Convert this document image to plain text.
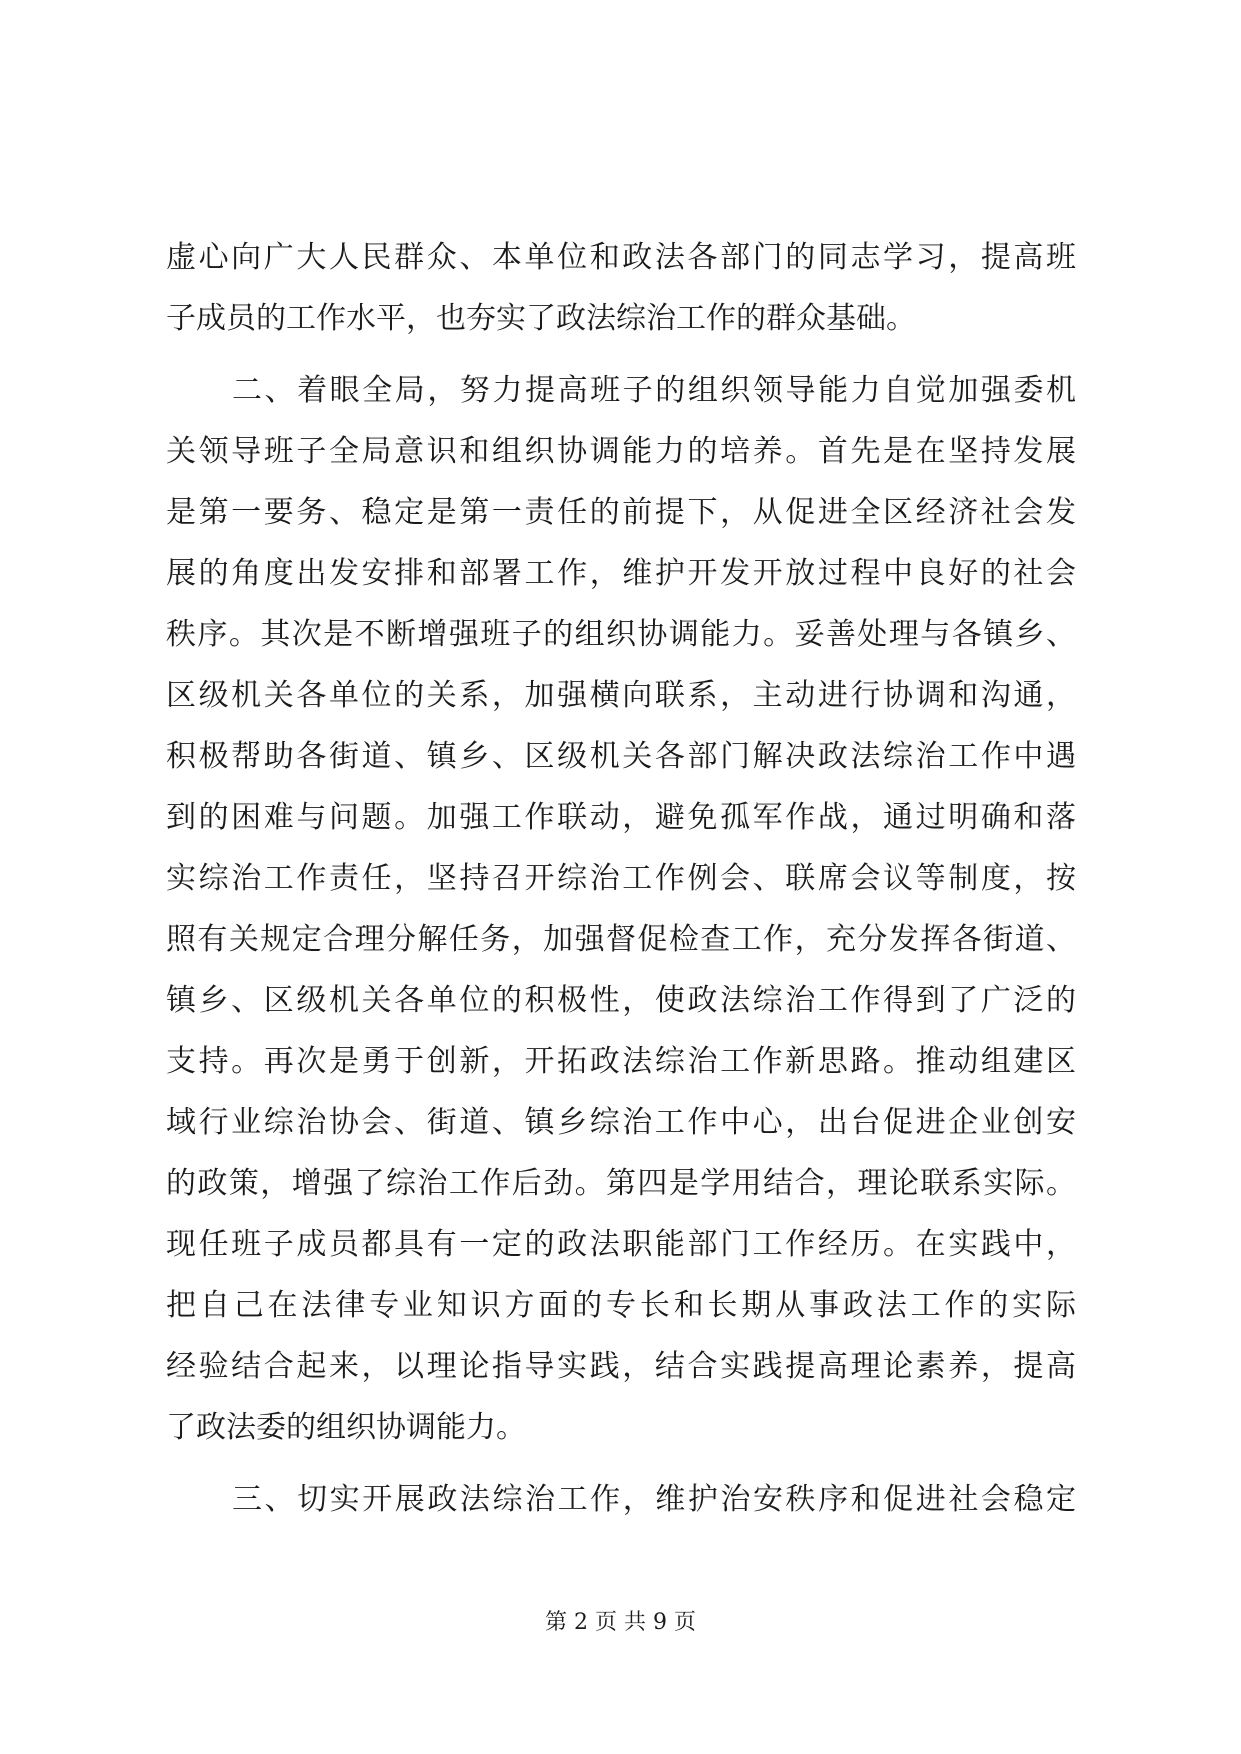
虚心向广大人民群众、本单位和政法各部门的同志学习，提高班
子成员的工作水平，也夯实了政法综治工作的群众基础。
二、着眼全局，努力提高班子的组织领导能力自觉加强委机
关领导班子全局意识和组织协调能力的培养。首先是在坚持发展
是第一要务、稳定是第一责任的前提下，从促进全区经济社会发
展的角度出发安排和部署工作，维护开发开放过程中良好的社会
秩序。其次是不断增强班子的组织协调能力。妥善处理与各镇乡、
区级机关各单位的关系，加强横向联系，主动进行协调和沟通，
积极帮助各街道、镇乡、区级机关各部门解决政法综治工作中遇
到的困难与问题。加强工作联动，避免孤军作战，通过明确和落
实综治工作责任，坚持召开综治工作例会、联席会议等制度，按
照有关规定合理分解任务，加强督促检查工作，充分发挥各街道、
镇乡、区级机关各单位的积极性，使政法综治工作得到了广泛的
支持。再次是勇于创新，开拓政法综治工作新思路。推动组建区
域行业综治协会、街道、镇乡综治工作中心，出台促进企业创安
的政策，增强了综治工作后劲。第四是学用结合，理论联系实际。
现任班子成员都具有一定的政法职能部门工作经历。在实践中，
把自己在法律专业知识方面的专长和长期从事政法工作的实际
经验结合起来，以理论指导实践，结合实践提高理论素养，提高
了政法委的组织协调能力。
三、切实开展政法综治工作，维护治安秩序和促进社会稳定
第 2 页 共 9 页
